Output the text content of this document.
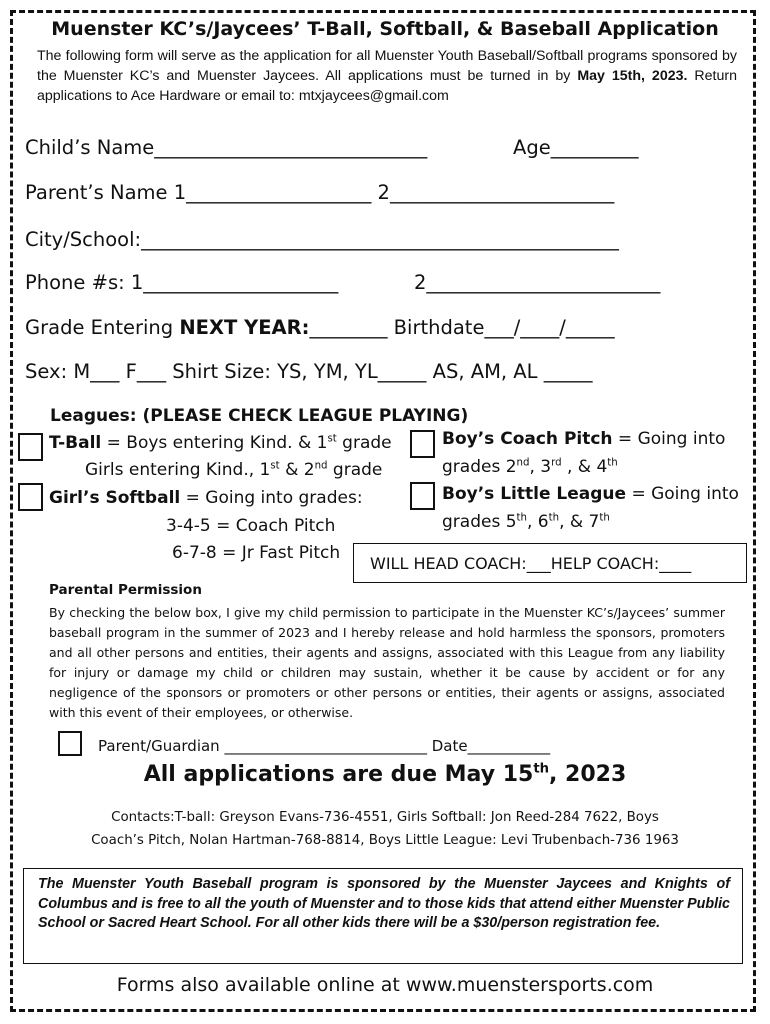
Muenster KC’s/Jaycees’ T-Ball, Softball, & Baseball Application
The following form will serve as the application for all Muenster Youth Baseball/Softball programs sponsored by the Muenster KC’s and Muenster Jaycees. All applications must be turned in by May 15th, 2023. Return applications to Ace Hardware or email to: mtxjaycees@gmail.com
Child’s Name____________________________	Age_________
Parent’s Name 1___________________ 2_______________________
City/School:_________________________________________________
Phone #s: 1____________________	2________________________
Grade Entering NEXT YEAR:________ Birthdate___/____/_____
Sex: M___ F___ Shirt Size: YS, YM, YL_____ AS, AM, AL _____
Leagues: (PLEASE CHECK LEAGUE PLAYING)
T-Ball = Boys entering Kind. & 1st grade
Girls entering Kind., 1st & 2nd grade
Girl’s Softball = Going into grades:
3-4-5 = Coach Pitch
6-7-8 = Jr Fast Pitch
Boy’s Coach Pitch = Going into
grades 2nd, 3rd , & 4th
Boy’s Little League = Going into
grades 5th, 6th, & 7th
WILL HEAD COACH:___HELP COACH:____
Parental Permission
By checking the below box, I give my child permission to participate in the Muenster KC’s/Jaycees’ summer baseball program in the summer of 2023 and I hereby release and hold harmless the sponsors, promoters and all other persons and entities, their agents and assigns, associated with this League from any liability for injury or damage my child or children may sustain, whether it be cause by accident or for any negligence of the sponsors or promoters or other persons or entities, their agents or assigns, associated with this event of their employees, or otherwise.
Parent/Guardian ___________________________ Date___________
All applications are due May 15th, 2023
Contacts:T-ball: Greyson Evans-736-4551, Girls Softball: Jon Reed-284 7622, Boys
Coach’s Pitch, Nolan Hartman-768-8814, Boys Little League: Levi Trubenbach-736 1963
The Muenster Youth Baseball program is sponsored by the Muenster Jaycees and Knights of Columbus and is free to all the youth of Muenster and to those kids that attend either Muenster Public School or Sacred Heart School. For all other kids there will be a $30/person registration fee.
Forms also available online at www.muenstersports.com
